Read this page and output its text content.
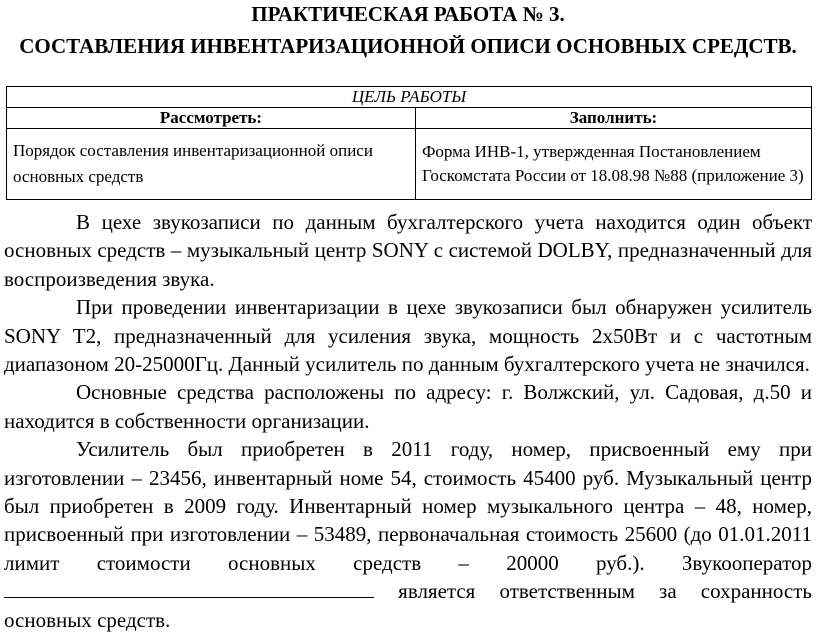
ПРАКТИЧЕСКАЯ РАБОТА № 3.
СОСТАВЛЕНИЯ ИНВЕНТАРИЗАЦИОННОЙ ОПИСИ ОСНОВНЫХ СРЕДСТВ.
ЦЕЛЬ РАБОТЫ	
Рассмотреть:	Заполнить:
Порядок составления инвентаризационной описи основных средств	Форма ИНВ-1, утвержденная Постановлением Госкомстата России от 18.08.98 №88 (приложение 3)

В цехе звукозаписи по данным бухгалтерского учета находится один объект основных средств – музыкальный центр SONY с системой DOLBY, предназначенный для воспроизведения звука.

При проведении инвентаризации в цехе звукозаписи был обнаружен усилитель SONY T2, предназначенный для усиления звука, мощность 2х50Вт и с частотным диапазоном 20-25000Гц. Данный усилитель по данным бухгалтерского учета не значился.

Основные средства расположены по адресу: г. Волжский, ул. Садовая, д.50 и находится в собственности организации.

Усилитель был приобретен в 2011 году, номер, присвоенный ему при изготовлении – 23456, инвентарный номе 54, стоимость 45400 руб. Музыкальный центр был приобретен в 2009 году. Инвентарный номер музыкального центра – 48, номер, присвоенный при изготовлении – 53489, первоначальная стоимость 25600 (до 01.01.2011 лимит стоимости основных средств – 20000 руб.). Звукооператор  является ответственным за сохранность основных средств.
